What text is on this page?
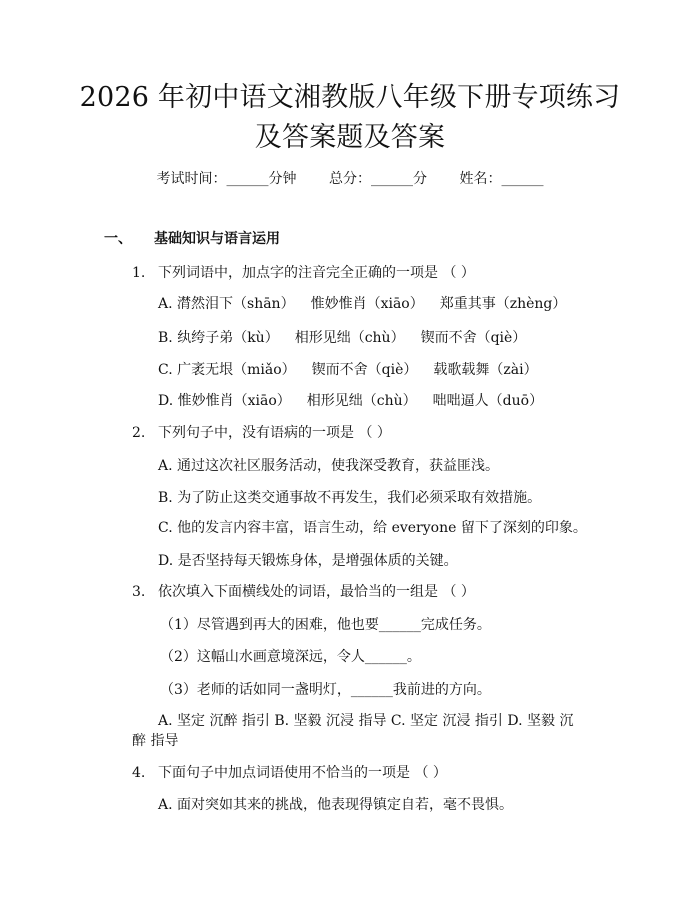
2026 年初中语文湘教版八年级下册专项练习
及答案题及答案
考试时间：______分钟 总分：______分 姓名：______
一、 基础知识与语言运用
1. 下列词语中，加点字的注音完全正确的一项是 （ ）
A. 潸然泪下（shān） 惟妙惟肖（xiāo） 郑重其事（zhèng）
B. 纨绔子弟（kù） 相形见绌（chù） 锲而不舍（qiè）
C. 广袤无垠（miǎo） 锲而不舍（qiè） 载歌载舞（zài）
D. 惟妙惟肖（xiāo） 相形见绌（chù） 咄咄逼人（duō）
2. 下列句子中，没有语病的一项是 （ ）
A. 通过这次社区服务活动，使我深受教育，获益匪浅。
B. 为了防止这类交通事故不再发生，我们必须采取有效措施。
C. 他的发言内容丰富，语言生动，给 everyone 留下了深刻的印象。
D. 是否坚持每天锻炼身体，是增强体质的关键。
3. 依次填入下面横线处的词语，最恰当的一组是 （ ）
（1）尽管遇到再大的困难，他也要______完成任务。
（2）这幅山水画意境深远，令人______。
（3）老师的话如同一盏明灯，______我前进的方向。
A. 坚定 沉醉 指引 B. 坚毅 沉浸 指导 C. 坚定 沉浸 指引 D. 坚毅 沉
醉 指导
4. 下面句子中加点词语使用不恰当的一项是 （ ）
A. 面对突如其来的挑战，他表现得镇定自若，毫不畏惧。
